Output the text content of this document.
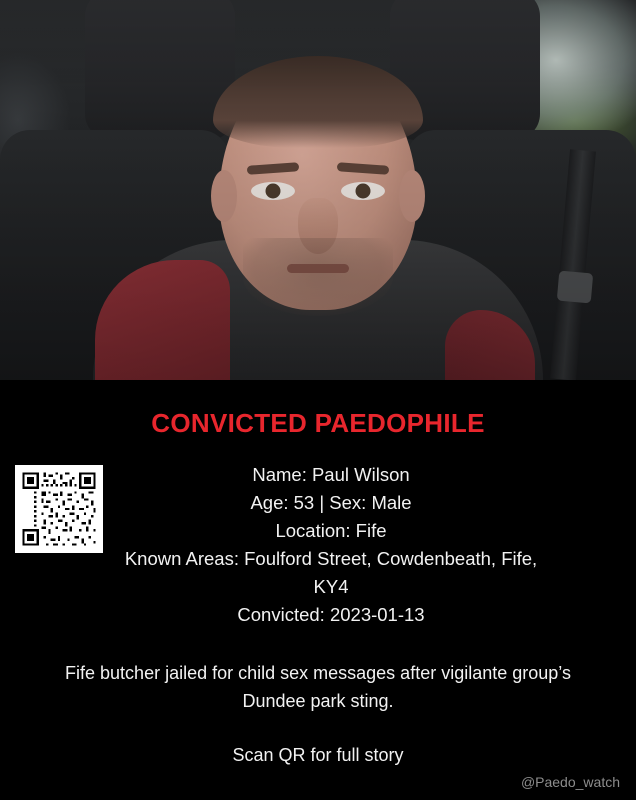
CONVICTED PAEDOPHILE
Name: Paul Wilson
Age: 53 | Sex: Male
Location: Fife
Known Areas: Foulford Street, Cowdenbeath, Fife, KY4
Convicted: 2023-01-13
Fife butcher jailed for child sex messages after vigilante group’s Dundee park sting.
Scan QR for full story
@Paedo_watch
